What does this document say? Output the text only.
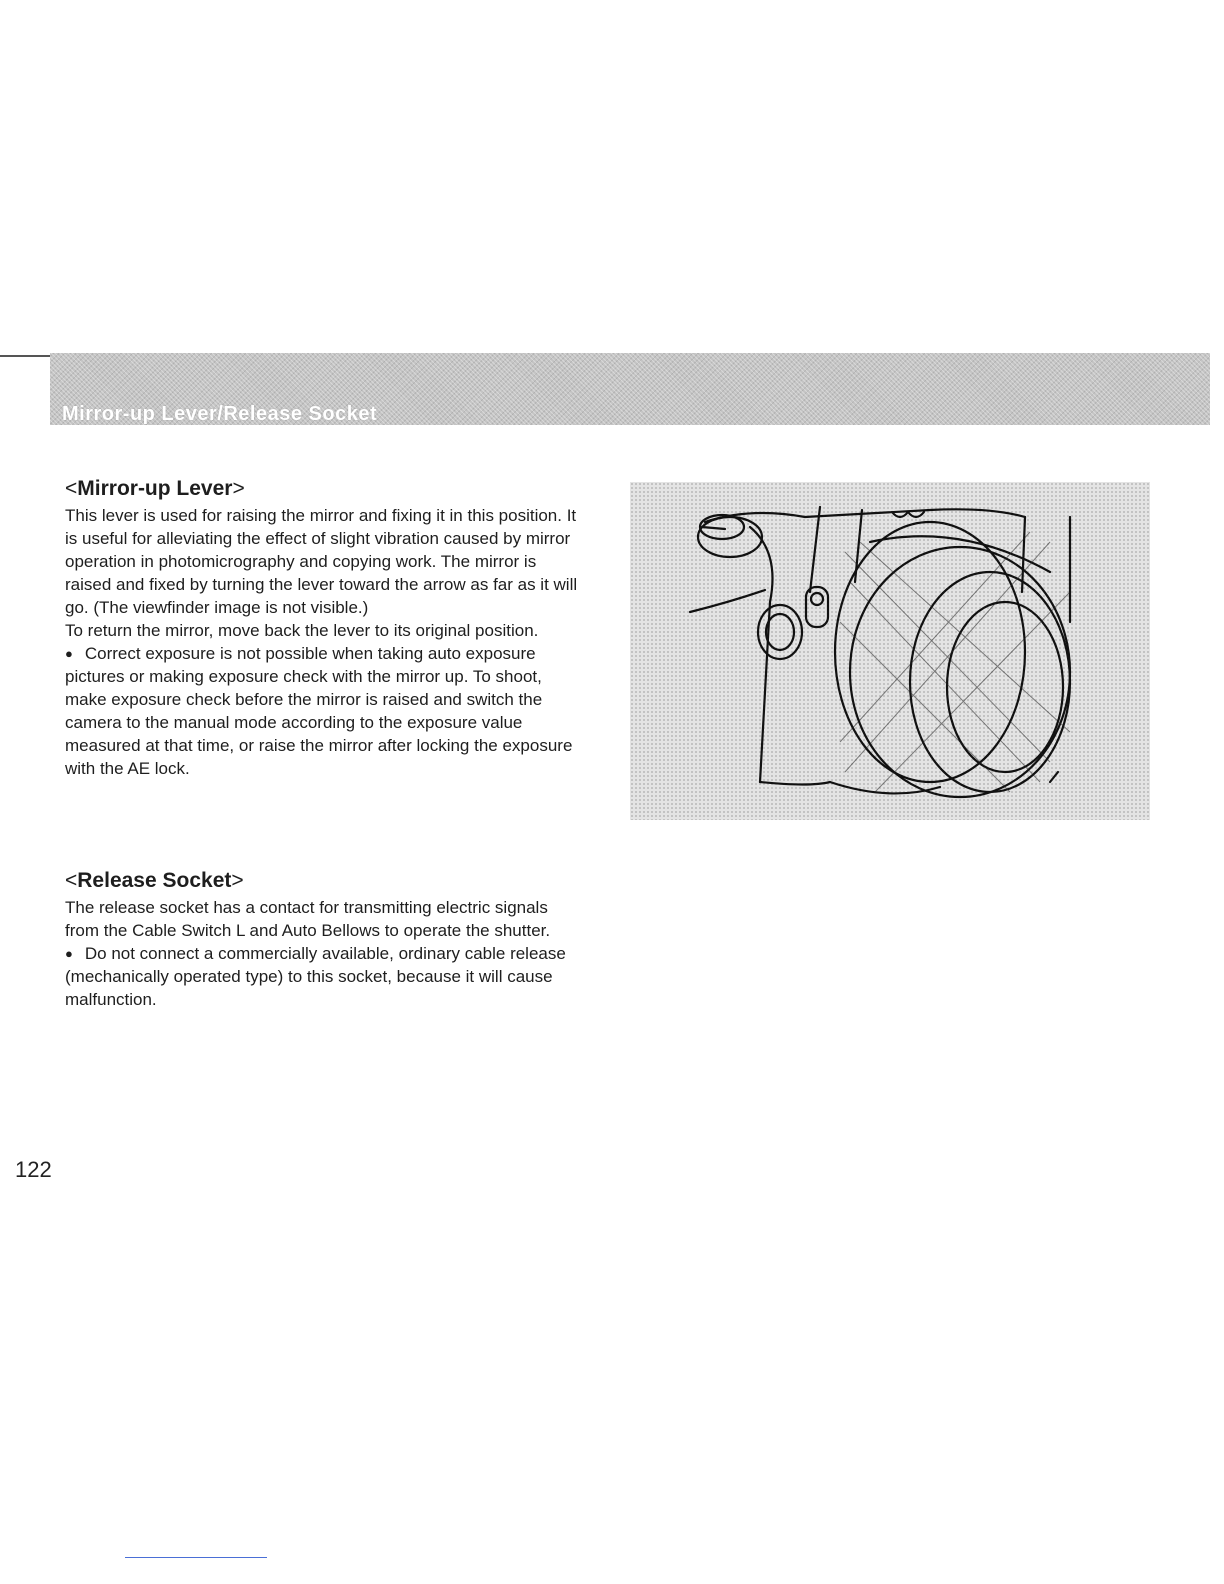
Mirror-up Lever/Release Socket
<Mirror-up Lever>

This lever is used for raising the mirror and fixing it in this position. It is useful for alleviating the effect of slight vibration caused by mirror operation in photomicrography and copying work. The mirror is raised and fixed by turning the lever toward the arrow as far as it will go. (The viewfinder image is not visible.)

To return the mirror, move back the lever to its original position.

● Correct exposure is not possible when taking auto exposure pictures or making exposure check with the mirror up. To shoot, make exposure check before the mirror is raised and switch the camera to the manual mode according to the exposure value measured at that time, or raise the mirror after locking the exposure with the AE lock.

<Release Socket>

The release socket has a contact for transmitting electric signals from the Cable Switch L and Auto Bellows to operate the shutter.

● Do not connect a commercially available, ordinary cable release (mechanically operated type) to this socket, because it will cause malfunction.

122
